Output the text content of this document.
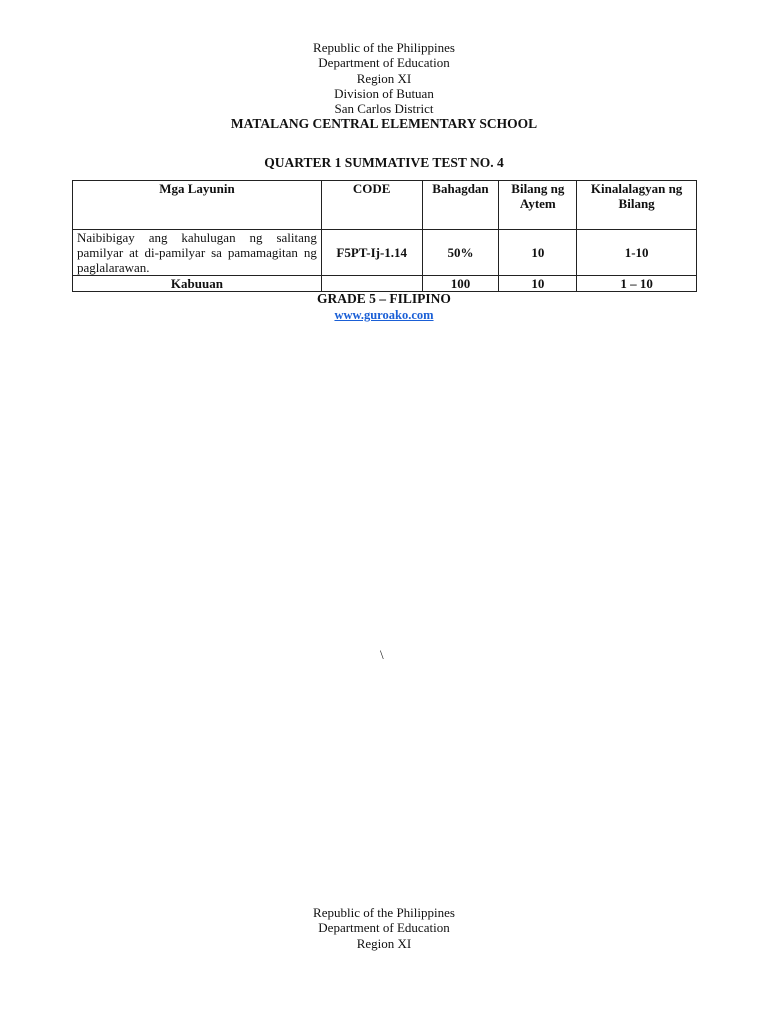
Republic of the Philippines
Department of Education
Region XI
Division of Butuan
San Carlos District
MATALANG CENTRAL ELEMENTARY SCHOOL
QUARTER 1 SUMMATIVE TEST NO. 4
Mga Layunin	CODE	Bahagdan	Bilang ng Aytem	Kinalalagyan ng Bilang
Naibibigay ang kahulugan ng salitang pamilyar at di-pamilyar sa pamamagitan ng paglalarawan.	F5PT-Ij-1.14	50%	10	1-10
Kabuuan		100	10	1 – 10
GRADE 5 – FILIPINO
www.guroako.com
\
Republic of the Philippines
Department of Education
Region XI
